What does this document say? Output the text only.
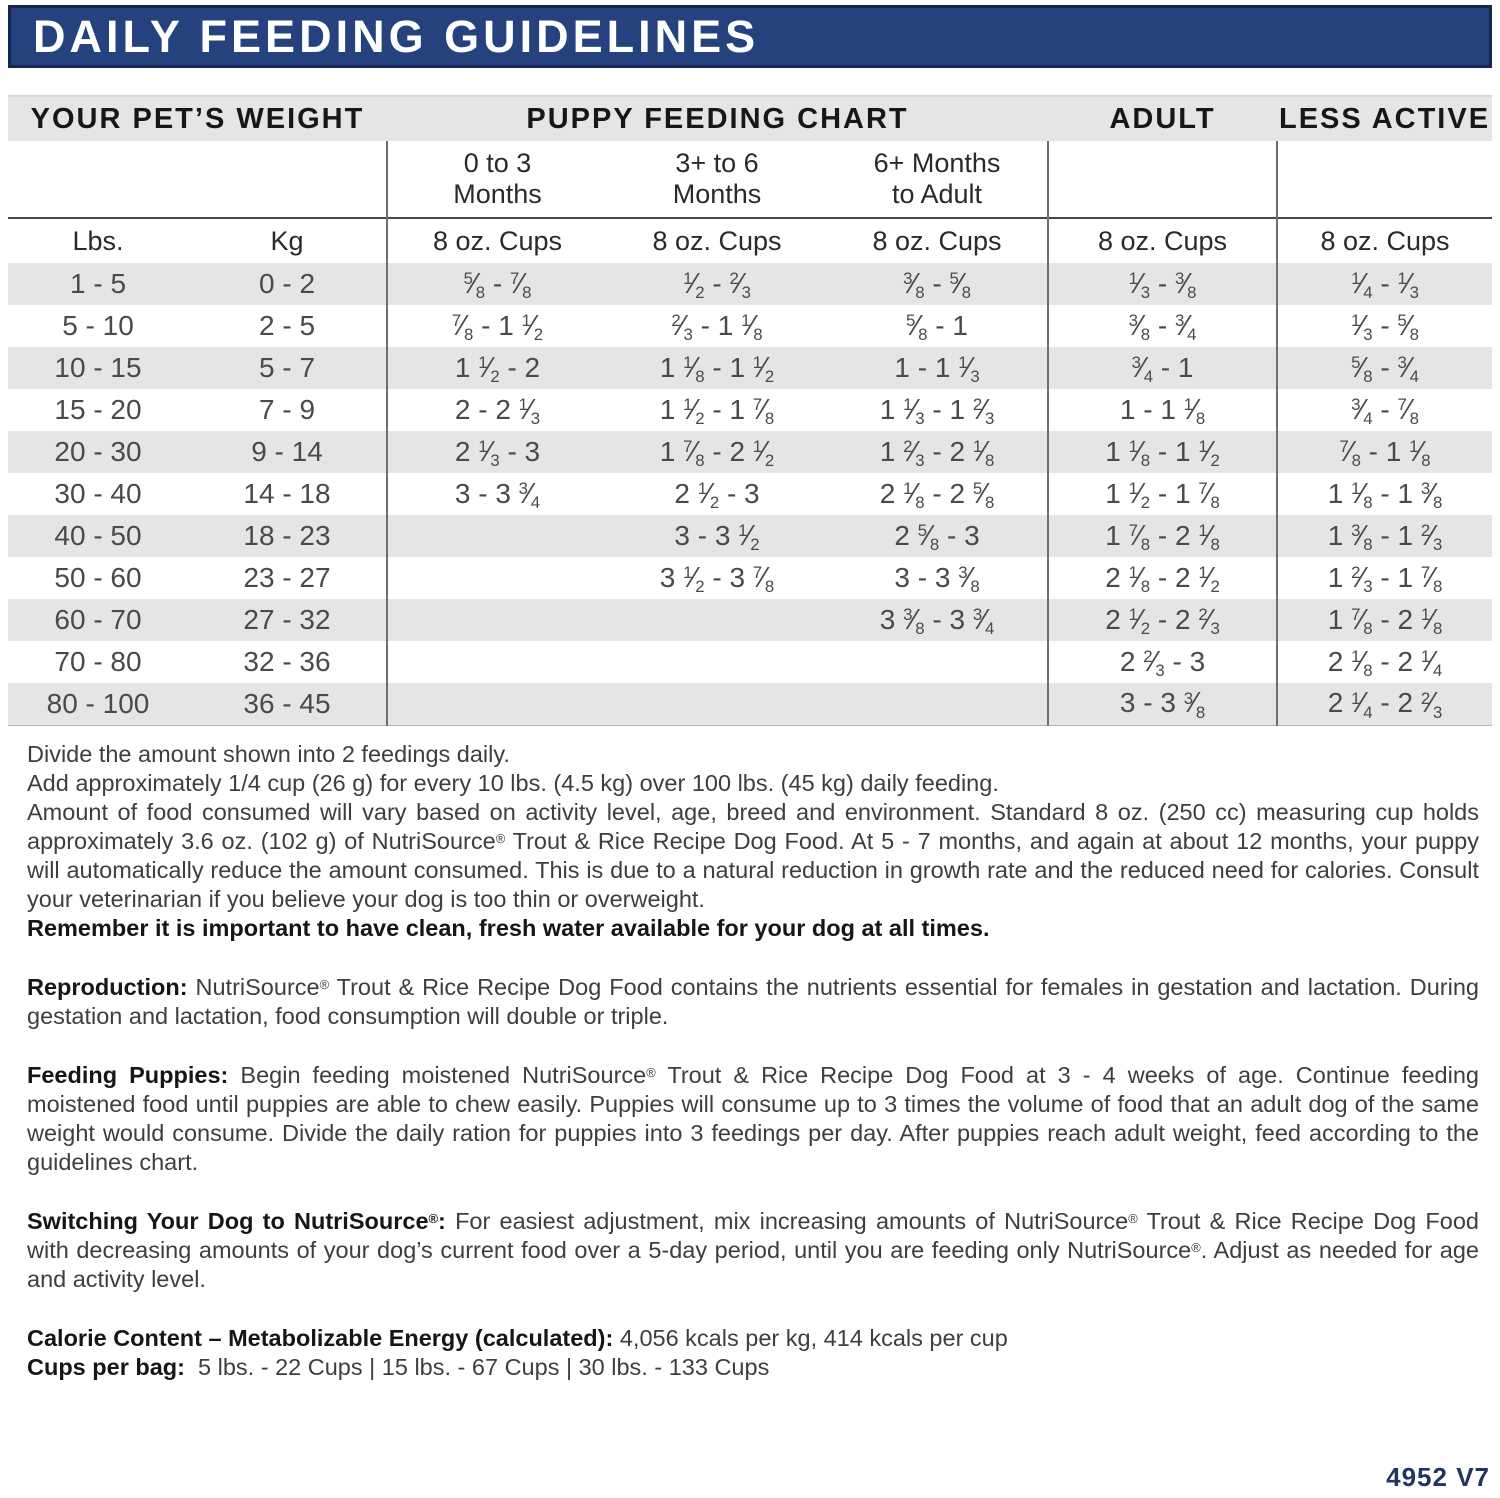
DAILY FEEDING GUIDELINES
YOUR PET’S WEIGHT		PUPPY FEEDING CHART			ADULT	LESS ACTIVE

0 to 3
Months

3+ to 6
Months

6+ Months
to Adult

Lbs.	Kg	8 oz. Cups	8 oz. Cups	8 oz. Cups	8 oz. Cups	8 oz. Cups
1 - 5	0 - 2	$^5⁄_8$ - $^7⁄_8$	$^1⁄_2$ - $^2⁄_3$	$^3⁄_8$ - $^5⁄_8$	$^1⁄_3$ - $^3⁄_8$	$^1⁄_4$ - $^1⁄_3$
5 - 10	2 - 5	$^7⁄_8 - 1$ $^1⁄_2$	$^2⁄_3 - 1$ $^1⁄_8$	$^5⁄_8 - 1$	$^3⁄_8$ - $^3⁄_4$	$^1⁄_3$ - $^5⁄_8$
10 - 15	5 - 7	1 $^1⁄_2 - 2$	1 $^1⁄_8 - 1$ $^1⁄_2$	1 - 1 $^1⁄_3$	$^3⁄_4 - 1$	$^5⁄_8$ - $^3⁄_4$
15 - 20	7 - 9	2 - 2 $^1⁄_3$	1 $^1⁄_2 - 1$ $^7⁄_8$	1 $^1⁄_3 - 1$ $^2⁄_3$	1 - 1 $^1⁄_8$	$^3⁄_4$ - $^7⁄_8$
20 - 30	9 - 14	2 $^1⁄_3 - 3$	1 $^7⁄_8 - 2$ $^1⁄_2$	1 $^2⁄_3 - 2$ $^1⁄_8$	1 $^1⁄_8 - 1$ $^1⁄_2$	$^7⁄_8 - 1$ $^1⁄_8$
30 - 40	14 - 18	3 - 3 $^3⁄_4$	2 $^1⁄_2 - 3$	2 $^1⁄_8 - 2$ $^5⁄_8$	1 $^1⁄_2 - 1$ $^7⁄_8$	1 $^1⁄_8 - 1$ $^3⁄_8$
40 - 50	18 - 23		3 - 3 $^1⁄_2$	2 $^5⁄_8 - 3$	1 $^7⁄_8 - 2$ $^1⁄_8$	1 $^3⁄_8 - 1$ $^2⁄_3$
50 - 60	23 - 27		3 $^1⁄_2 - 3$ $^7⁄_8$	3 - 3 $^3⁄_8$	2 $^1⁄_8 - 2$ $^1⁄_2$	1 $^2⁄_3 - 1$ $^7⁄_8$
60 - 70	27 - 32			3 $^3⁄_8 - 3$ $^3⁄_4$	2 $^1⁄_2 - 2$ $^2⁄_3$	1 $^7⁄_8 - 2$ $^1⁄_8$
70 - 80	32 - 36				2 $^2⁄_3 - 3$	2 $^1⁄_8 - 2$ $^1⁄_4$
80 - 100	36 - 45				3 - 3 $^3⁄_8$	2 $^1⁄_4 - 2$ $^2⁄_3$

Divide the amount shown into 2 feedings daily.

Add approximately 1/4 cup (26 g) for every 10 lbs. (4.5 kg) over 100 lbs. (45 kg) daily feeding.

Amount of food consumed will vary based on activity level, age, breed and environment. Standard 8 oz. (250 cc) measuring cup holds approximately 3.6 oz. (102 g) of NutriSource® Trout & Rice Recipe Dog Food. At 5 - 7 months, and again at about 12 months, your puppy will automatically reduce the amount consumed. This is due to a natural reduction in growth rate and the reduced need for calories. Consult your veterinarian if you believe your dog is too thin or overweight.

Remember it is important to have clean, fresh water available for your dog at all times.

Reproduction: NutriSource® Trout & Rice Recipe Dog Food contains the nutrients essential for females in gestation and lactation. During gestation and lactation, food consumption will double or triple.

Feeding Puppies: Begin feeding moistened NutriSource® Trout & Rice Recipe Dog Food at 3 - 4 weeks of age. Continue feeding moistened food until puppies are able to chew easily. Puppies will consume up to 3 times the volume of food that an adult dog of the same weight would consume. Divide the daily ration for puppies into 3 feedings per day. After puppies reach adult weight, feed according to the guidelines chart.

Switching Your Dog to NutriSource®: For easiest adjustment, mix increasing amounts of NutriSource® Trout & Rice Recipe Dog Food with decreasing amounts of your dog’s current food over a 5-day period, until you are feeding only NutriSource®. Adjust as needed for age and activity level.

Calorie Content – Metabolizable Energy (calculated): 4,056 kcals per kg, 414 kcals per cup

Cups per bag: 5 lbs. - 22 Cups | 15 lbs. - 67 Cups | 30 lbs. - 133 Cups

4952 V7
